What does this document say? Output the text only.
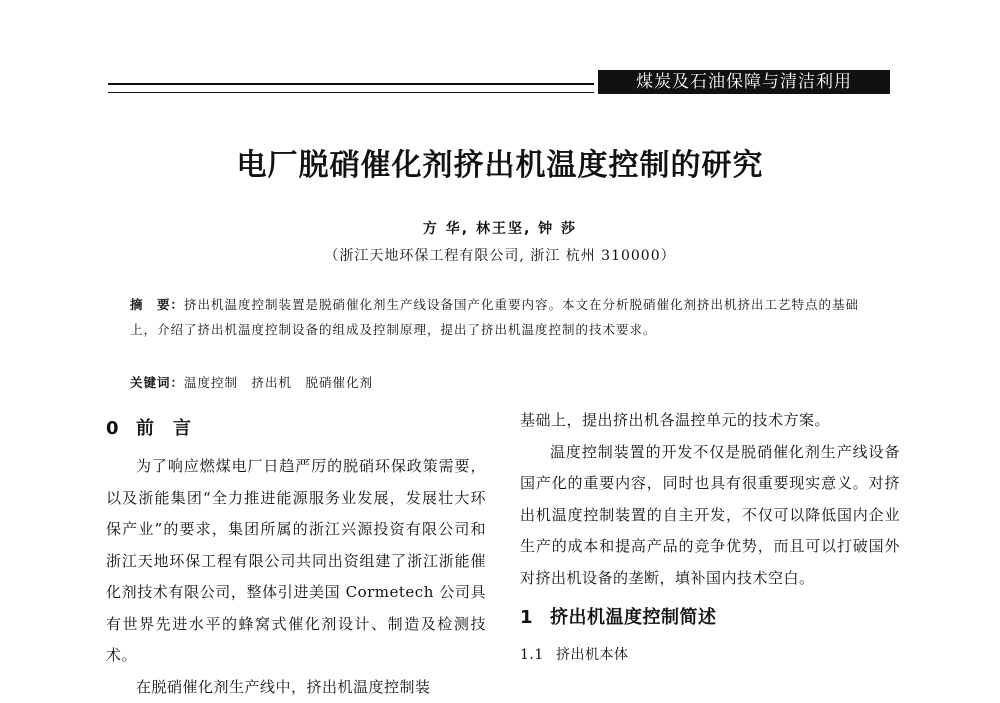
煤炭及石油保障与清洁利用
电厂脱硝催化剂挤出机温度控制的研究
方 华, 林王坚, 钟 莎
（浙江天地环保工程有限公司, 浙江 杭州 310000）

摘　要：挤出机温度控制装置是脱硝催化剂生产线设备国产化重要内容。本文在分析脱硝催化剂挤出机挤出工艺特点的基础上，介绍了挤出机温度控制设备的组成及控制原理，提出了挤出机温度控制的技术要求。

关键词：温度控制　挤出机　脱硝催化剂
0 前　言

为了响应燃煤电厂日趋严厉的脱硝环保政策需要，以及浙能集团“全力推进能源服务业发展，发展壮大环保产业”的要求，集团所属的浙江兴源投资有限公司和浙江天地环保工程有限公司共同出资组建了浙江浙能催化剂技术有限公司，整体引进美国 Cormetech 公司具有世界先进水平的蜂窝式催化剂设计、制造及检测技术。

在脱硝催化剂生产线中，挤出机温度控制装

基础上，提出挤出机各温控单元的技术方案。

温度控制装置的开发不仅是脱硝催化剂生产线设备国产化的重要内容，同时也具有很重要现实意义。对挤出机温度控制装置的自主开发，不仅可以降低国内企业生产的成本和提高产品的竞争优势，而且可以打破国外对挤出机设备的垄断，填补国内技术空白。

1 挤出机温度控制简述
1.1 挤出机本体
